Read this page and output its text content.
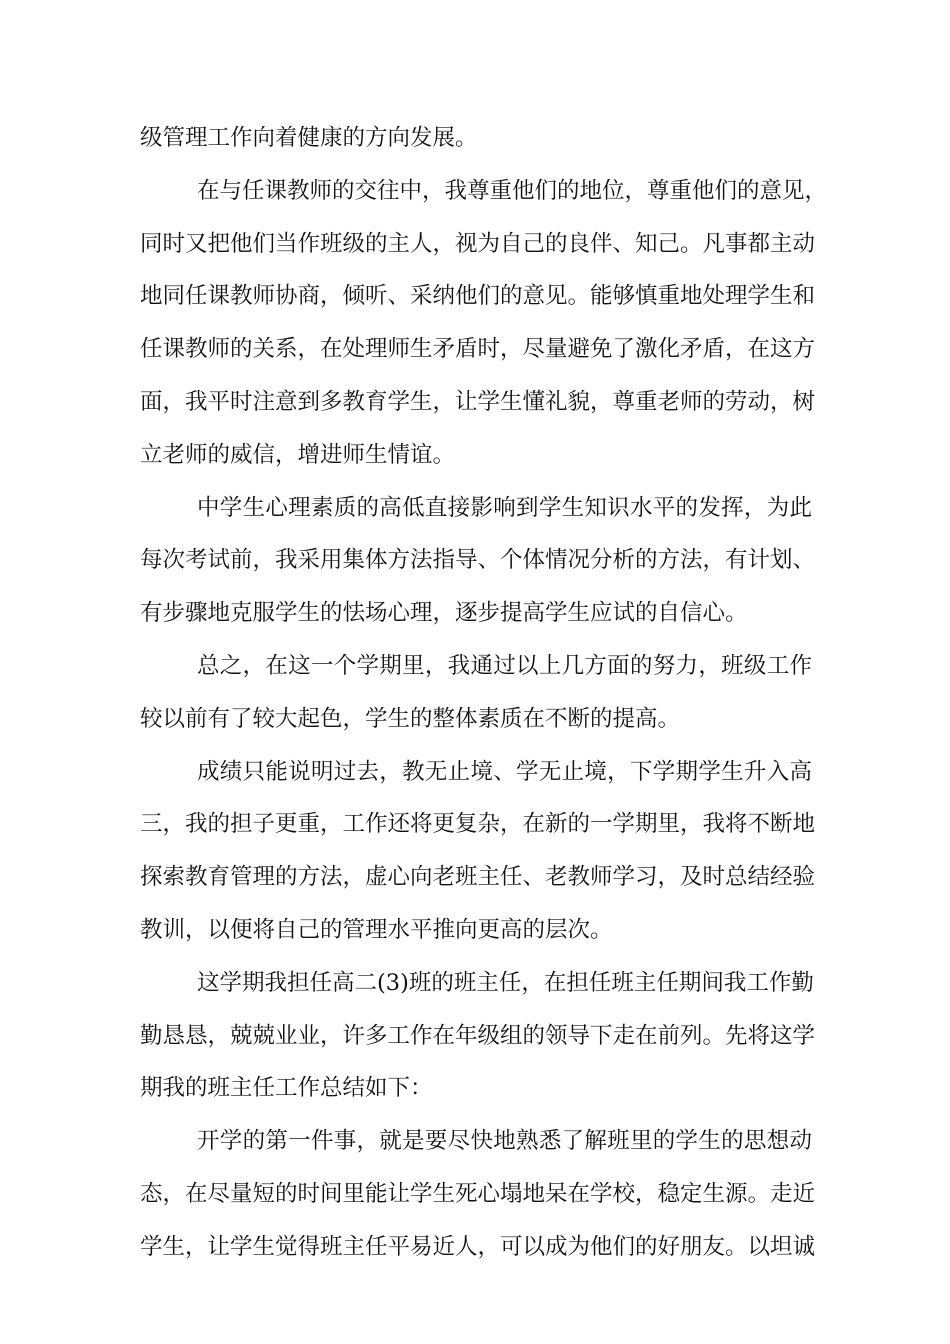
级管理工作向着健康的方向发展。
在与任课教师的交往中，我尊重他们的地位，尊重他们的意见，
同时又把他们当作班级的主人，视为自己的良伴、知己。凡事都主动
地同任课教师协商，倾听、采纳他们的意见。能够慎重地处理学生和
任课教师的关系，在处理师生矛盾时，尽量避免了激化矛盾，在这方
面，我平时注意到多教育学生，让学生懂礼貌，尊重老师的劳动，树
立老师的威信，增进师生情谊。
中学生心理素质的高低直接影响到学生知识水平的发挥，为此
每次考试前，我采用集体方法指导、个体情况分析的方法，有计划、
有步骤地克服学生的怯场心理，逐步提高学生应试的自信心。
总之，在这一个学期里，我通过以上几方面的努力，班级工作
较以前有了较大起色，学生的整体素质在不断的提高。
成绩只能说明过去，教无止境、学无止境，下学期学生升入高
三，我的担子更重，工作还将更复杂，在新的一学期里，我将不断地
探索教育管理的方法，虚心向老班主任、老教师学习，及时总结经验
教训，以便将自己的管理水平推向更高的层次。
这学期我担任高二(3)班的班主任，在担任班主任期间我工作勤
勤恳恳，兢兢业业，许多工作在年级组的领导下走在前列。先将这学
期我的班主任工作总结如下：
开学的第一件事，就是要尽快地熟悉了解班里的学生的思想动
态，在尽量短的时间里能让学生死心塌地呆在学校，稳定生源。走近
学生，让学生觉得班主任平易近人，可以成为他们的好朋友。以坦诚
